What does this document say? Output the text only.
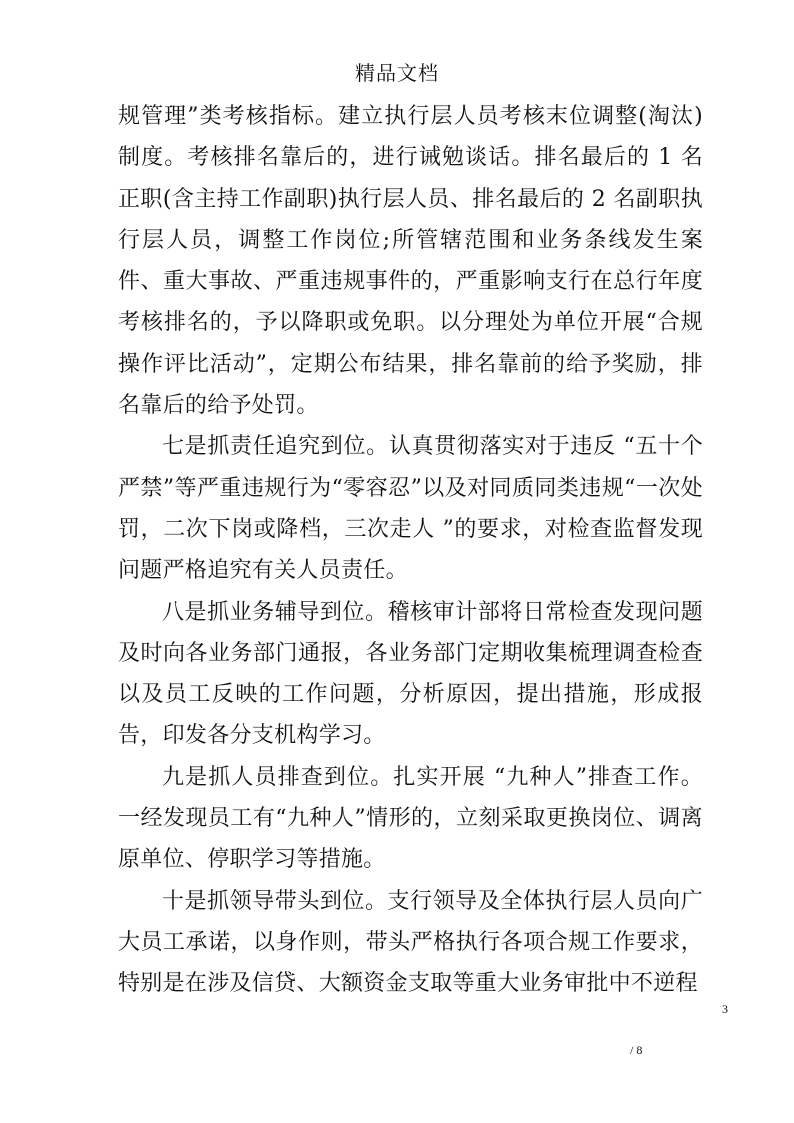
精品文档

规管理”类考核指标。建立执行层人员考核末位调整(淘汰)制度。考核排名靠后的，进行诫勉谈话。排名最后的 1 名正职(含主持工作副职)执行层人员、排名最后的 2 名副职执行层人员，调整工作岗位;所管辖范围和业务条线发生案件、重大事故、严重违规事件的，严重影响支行在总行年度考核排名的，予以降职或免职。以分理处为单位开展“合规操作评比活动”，定期公布结果，排名靠前的给予奖励，排名靠后的给予处罚。

七是抓责任追究到位。认真贯彻落实对于违反 “五十个严禁”等严重违规行为“零容忍”以及对同质同类违规“一次处罚，二次下岗或降档，三次走人 ”的要求，对检查监督发现问题严格追究有关人员责任。

八是抓业务辅导到位。稽核审计部将日常检查发现问题及时向各业务部门通报，各业务部门定期收集梳理调查检查以及员工反映的工作问题，分析原因，提出措施，形成报告，印发各分支机构学习。

九是抓人员排查到位。扎实开展 “九种人”排查工作。一经发现员工有“九种人”情形的，立刻采取更换岗位、调离原单位、停职学习等措施。

十是抓领导带头到位。支行领导及全体执行层人员向广大员工承诺，以身作则，带头严格执行各项合规工作要求，特别是在涉及信贷、大额资金支取等重大业务审批中不逆程

3
/ 8
